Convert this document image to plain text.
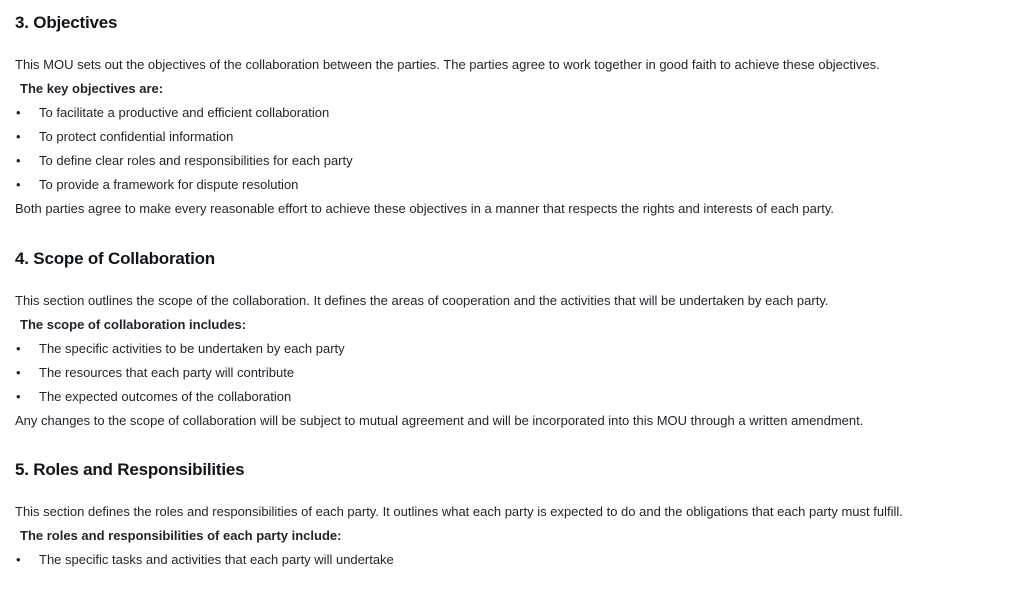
3. Objectives

This MOU sets out the objectives of the collaboration between the parties. The parties agree to work together in good faith to achieve these objectives.

The key objectives are:

• To facilitate a productive and efficient collaboration
• To protect confidential information
• To define clear roles and responsibilities for each party
• To provide a framework for dispute resolution

Both parties agree to make every reasonable effort to achieve these objectives in a manner that respects the rights and interests of each party.

4. Scope of Collaboration

This section outlines the scope of the collaboration. It defines the areas of cooperation and the activities that will be undertaken by each party.

The scope of collaboration includes:

• The specific activities to be undertaken by each party
• The resources that each party will contribute
• The expected outcomes of the collaboration

Any changes to the scope of collaboration will be subject to mutual agreement and will be incorporated into this MOU through a written amendment.

5. Roles and Responsibilities

This section defines the roles and responsibilities of each party. It outlines what each party is expected to do and the obligations that each party must fulfill.

The roles and responsibilities of each party include:

• The specific tasks and activities that each party will undertake
